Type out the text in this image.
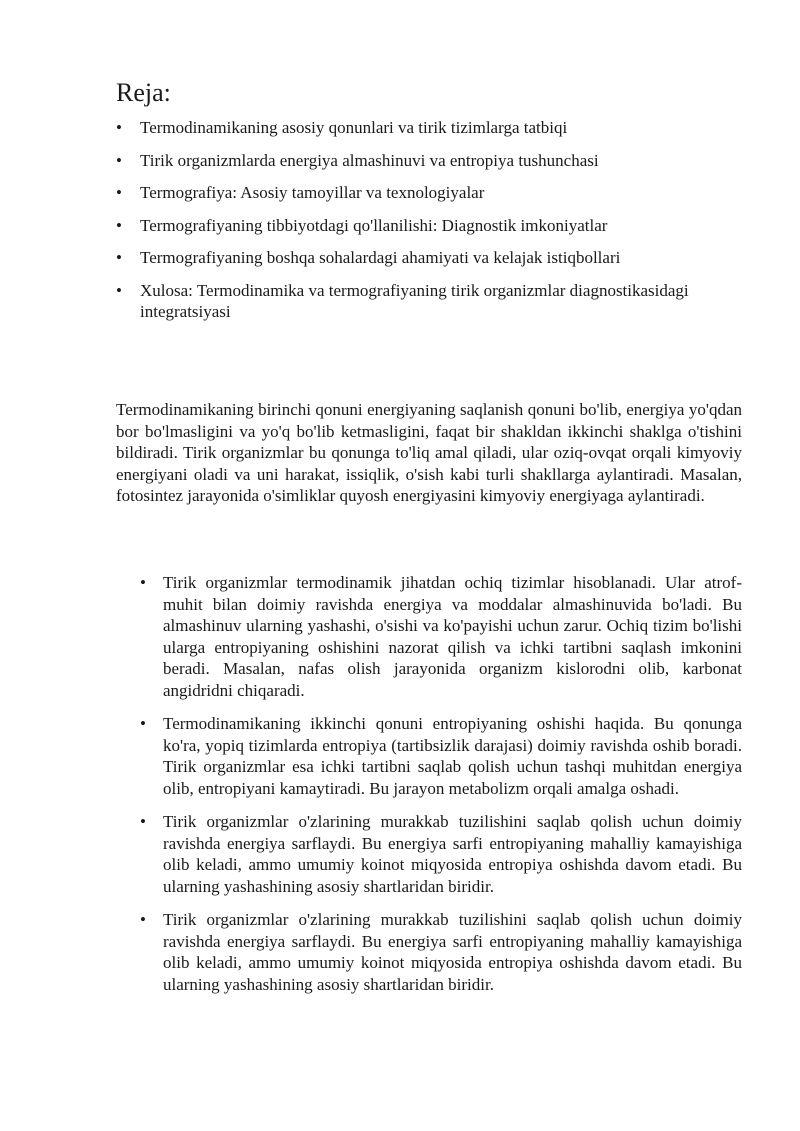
Reja:
• Termodinamikaning asosiy qonunlari va tirik tizimlarga tatbiqi
• Tirik organizmlarda energiya almashinuvi va entropiya tushunchasi
• Termografiya: Asosiy tamoyillar va texnologiyalar
• Termografiyaning tibbiyotdagi qo'llanilishi: Diagnostik imkoniyatlar
• Termografiyaning boshqa sohalardagi ahamiyati va kelajak istiqbollari
• Xulosa: Termodinamika va termografiyaning tirik organizmlar diagnostikasidagi integratsiyasi

Termodinamikaning birinchi qonuni energiyaning saqlanish qonuni bo'lib, energiya yo'qdan bor bo'lmasligini va yo'q bo'lib ketmasligini, faqat bir shakldan ikkinchi shaklga o'tishini bildiradi. Tirik organizmlar bu qonunga to'liq amal qiladi, ular oziq-ovqat orqali kimyoviy energiyani oladi va uni harakat, issiqlik, o'sish kabi turli shakllarga aylantiradi. Masalan, fotosintez jarayonida o'simliklar quyosh energiyasini kimyoviy energiyaga aylantiradi.

• Tirik organizmlar termodinamik jihatdan ochiq tizimlar hisoblanadi. Ular atrof-muhit bilan doimiy ravishda energiya va moddalar almashinuvida bo'ladi. Bu almashinuv ularning yashashi, o'sishi va ko'payishi uchun zarur. Ochiq tizim bo'lishi ularga entropiyaning oshishini nazorat qilish va ichki tartibni saqlash imkonini beradi. Masalan, nafas olish jarayonida organizm kislorodni olib, karbonat angidridni chiqaradi.
• Termodinamikaning ikkinchi qonuni entropiyaning oshishi haqida. Bu qonunga ko'ra, yopiq tizimlarda entropiya (tartibsizlik darajasi) doimiy ravishda oshib boradi. Tirik organizmlar esa ichki tartibni saqlab qolish uchun tashqi muhitdan energiya olib, entropiyani kamaytiradi. Bu jarayon metabolizm orqali amalga oshadi.
• Tirik organizmlar o'zlarining murakkab tuzilishini saqlab qolish uchun doimiy ravishda energiya sarflaydi. Bu energiya sarfi entropiyaning mahalliy kamayishiga olib keladi, ammo umumiy koinot miqyosida entropiya oshishda davom etadi. Bu ularning yashashining asosiy shartlaridan biridir.
• Tirik organizmlar o'zlarining murakkab tuzilishini saqlab qolish uchun doimiy ravishda energiya sarflaydi. Bu energiya sarfi entropiyaning mahalliy kamayishiga olib keladi, ammo umumiy koinot miqyosida entropiya oshishda davom etadi. Bu ularning yashashining asosiy shartlaridan biridir.
